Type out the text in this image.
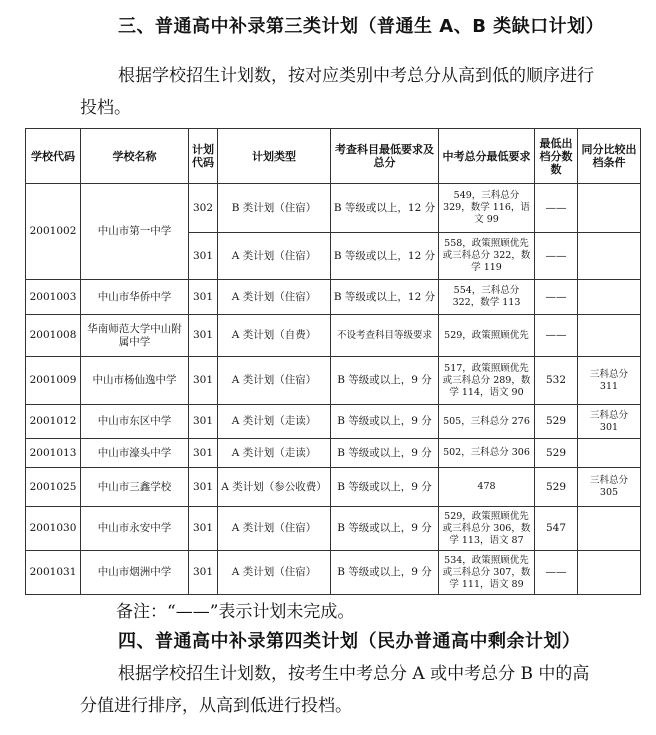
三、普通高中补录第三类计划（普通生 A、B 类缺口计划）
根据学校招生计划数，按对应类别中考总分从高到低的顺序进行投档。
学校代码	学校名称	计划代码	计划类型	考查科目最低要求及总分	中考总分最低要求	最低出档分数数	同分比较出档条件
2001002	中山市第一中学	302	B 类计划（住宿）	B 等级或以上，12 分	549，三科总分 329，数学 116，语文 99	——	
		301	A 类计划（住宿）	B 等级或以上，12 分	558，政策照顾优先或三科总分 322，数学 119	——	
2001003	中山市华侨中学	301	A 类计划（住宿）	B 等级或以上，12 分	554，三科总分 322，数学 113	——	
2001008	华南师范大学中山附属中学	301	A 类计划（自费）	不设考查科目等级要求	529，政策照顾优先	——	
2001009	中山市杨仙逸中学	301	A 类计划（住宿）	B 等级或以上，9 分	517，政策照顾优先或三科总分 289，数学 114，语文 90	532	三科总分 311
2001012	中山市东区中学	301	A 类计划（走读）	B 等级或以上，9 分	505，三科总分 276	529	三科总分 301
2001013	中山市濠头中学	301	A 类计划（走读）	B 等级或以上，9 分	502，三科总分 306	529	
2001025	中山市三鑫学校	301	A 类计划（参公收费）	B 等级或以上，9 分	478	529	三科总分 305
2001030	中山市永安中学	301	A 类计划（住宿）	B 等级或以上，9 分	529，政策照顾优先或三科总分 306，数学 113，语文 87	547	
2001031	中山市烟洲中学	301	A 类计划（住宿）	B 等级或以上，9 分	534，政策照顾优先或三科总分 307，数学 111，语文 89	——	
备注：“——”表示计划未完成。
四、普通高中补录第四类计划（民办普通高中剩余计划）
根据学校招生计划数，按考生中考总分 A 或中考总分 B 中的高分值进行排序，从高到低进行投档。
